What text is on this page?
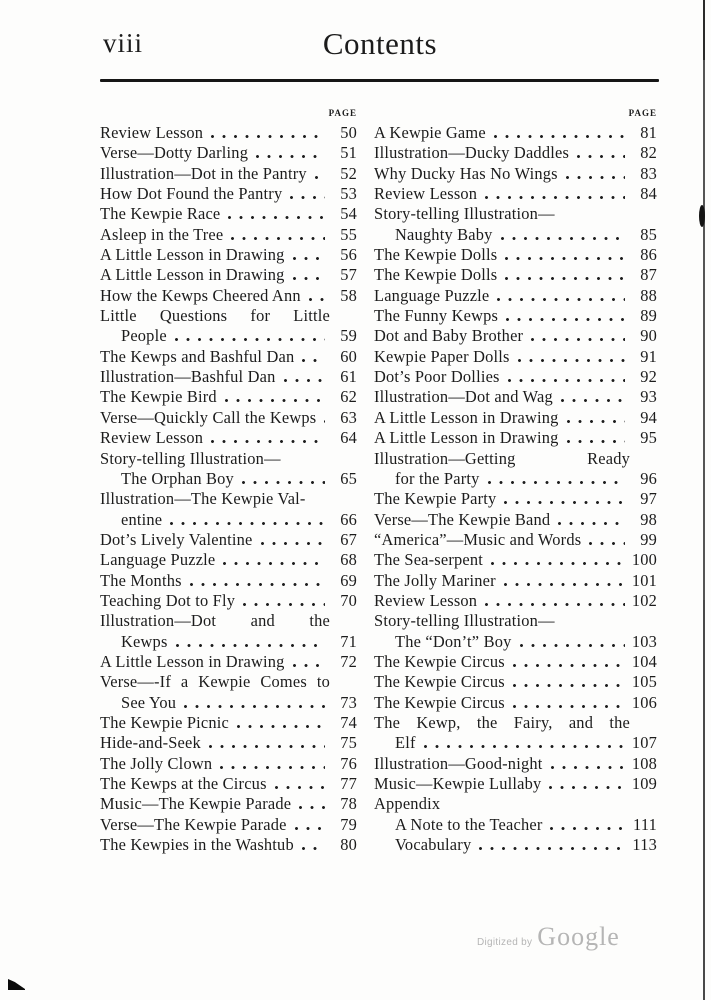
viii	Contents
PAGE
Review Lesson	50
Verse—Dotty Darling	51
Illustration—Dot in the Pantry	52
How Dot Found the Pantry	53
The Kewpie Race	54
Asleep in the Tree	55
A Little Lesson in Drawing	56
A Little Lesson in Drawing	57
How the Kewps Cheered Ann	58
Little Questions for Little
People	59
The Kewps and Bashful Dan	60
Illustration—Bashful Dan	61
The Kewpie Bird	62
Verse—Quickly Call the Kewps	63
Review Lesson	64
Story-telling Illustration—
The Orphan Boy	65
Illustration—The Kewpie Val-
entine	66
Dot’s Lively Valentine	67
Language Puzzle	68
The Months	69
Teaching Dot to Fly	70
Illustration—Dot and the
Kewps	71
A Little Lesson in Drawing	72
Verse—-If a Kewpie Comes to
See You	73
The Kewpie Picnic	74
Hide-and-Seek	75
The Jolly Clown	76
The Kewps at the Circus	77
Music—The Kewpie Parade	78
Verse—The Kewpie Parade	79
The Kewpies in the Washtub	80
PAGE
A Kewpie Game	81
Illustration—Ducky Daddles	82
Why Ducky Has No Wings	83
Review Lesson	84
Story-telling Illustration—
Naughty Baby	85
The Kewpie Dolls	86
The Kewpie Dolls	87
Language Puzzle	88
The Funny Kewps	89
Dot and Baby Brother	90
Kewpie Paper Dolls	91
Dot’s Poor Dollies	92
Illustration—Dot and Wag	93
A Little Lesson in Drawing	94
A Little Lesson in Drawing	95
Illustration—Getting Ready
for the Party	96
The Kewpie Party	97
Verse—The Kewpie Band	98
“America”—Music and Words	99
The Sea-serpent	100
The Jolly Mariner	101
Review Lesson	102
Story-telling Illustration—
The “Don’t” Boy	103
The Kewpie Circus	104
The Kewpie Circus	105
The Kewpie Circus	106
The Kewp, the Fairy, and the
Elf	107
Illustration—Good-night	108
Music—Kewpie Lullaby	109
Appendix
A Note to the Teacher	111
Vocabulary	113
Digitized by Google
